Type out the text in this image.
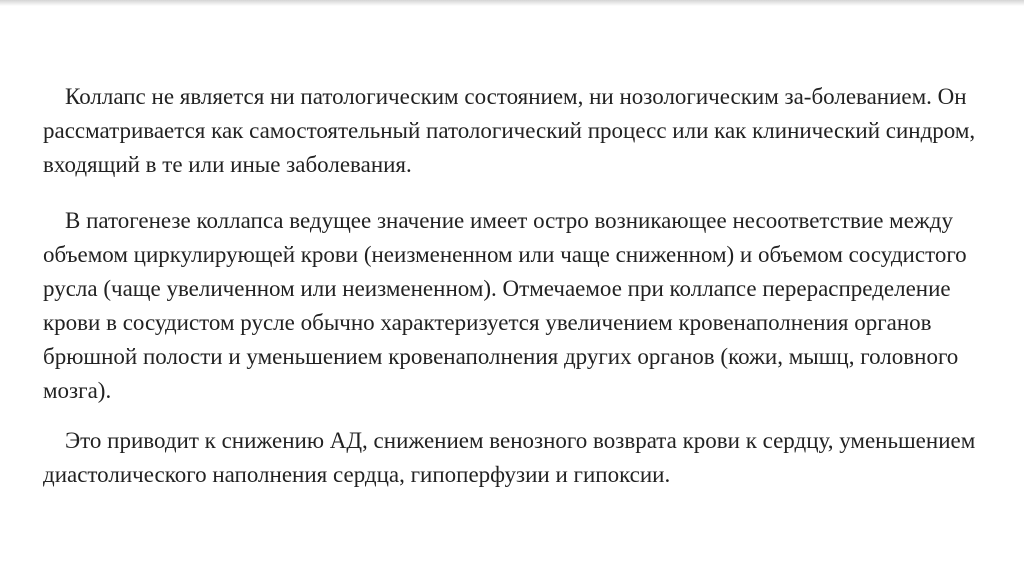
Коллапс не является ни патологическим состоянием, ни нозологическим за-болеванием. Он рассматривается как самостоятельный патологический процесс или как клинический синдром, входящий в те или иные заболевания.

В патогенезе коллапса ведущее значение имеет остро возникающее несоответствие между объемом циркулирующей крови (неизмененном или чаще сниженном) и объемом сосудистого русла (чаще увеличенном или неизмененном). Отмечаемое при коллапсе перераспределение крови в сосудистом русле обычно характеризуется увеличением кровенаполнения органов брюшной полости и уменьшением кровенаполнения других органов (кожи, мышц, головного мозга).

Это приводит к снижению АД, снижением венозного возврата крови к сердцу, уменьшением диастолического наполнения сердца, гипоперфузии и гипоксии.
